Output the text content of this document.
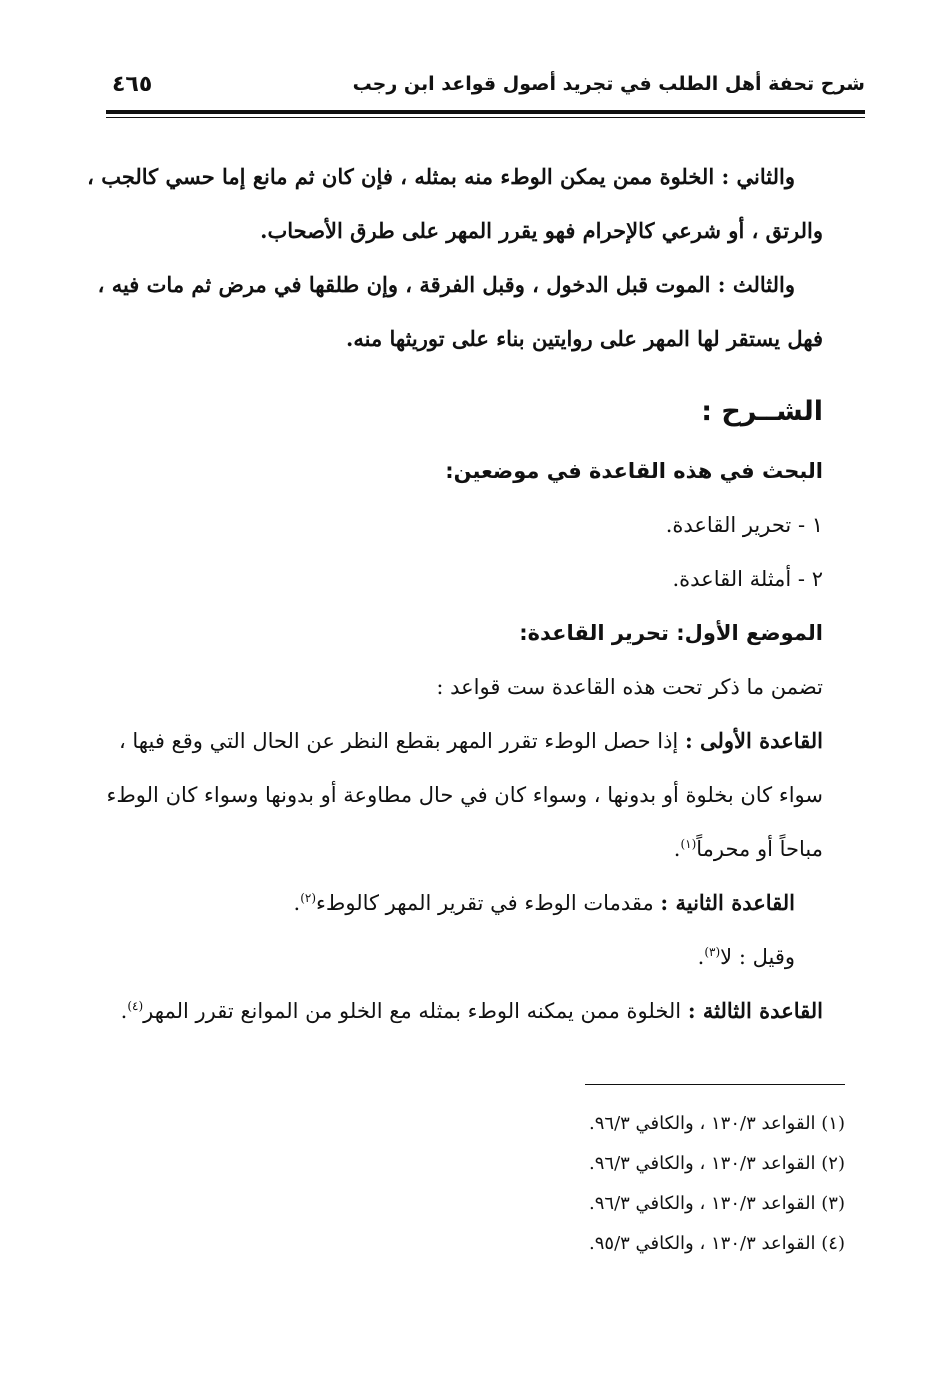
شرح تحفة أهل الطلب في تجريد أصول قواعد ابن رجب
٤٦٥
والثاني : الخلوة ممن يمكن الوطء منه بمثله ، فإن كان ثم مانع إما حسي كالجب ،
والرتق ، أو شرعي كالإحرام فهو يقرر المهر على طرق الأصحاب.
والثالث : الموت قبل الدخول ، وقبل الفرقة ، وإن طلقها في مرض ثم مات فيه ،
فهل يستقر لها المهر على روايتين بناء على توريثها منه.
الشــرح :
البحث في هذه القاعدة في موضعين:
١ - تحرير القاعدة.
٢ - أمثلة القاعدة.
الموضع الأول: تحرير القاعدة:
تضمن ما ذكر تحت هذه القاعدة ست قواعد :
القاعدة الأولى : إذا حصل الوطء تقرر المهر بقطع النظر عن الحال التي وقع فيها ،
سواء كان بخلوة أو بدونها ، وسواء كان في حال مطاوعة أو بدونها وسواء كان الوطء
مباحاً أو محرماً$^{(١)}$.
القاعدة الثانية : مقدمات الوطء في تقرير المهر كالوطء$^{(٢)}$.
وقيل : لا$^{(٣)}$.
القاعدة الثالثة : الخلوة ممن يمكنه الوطء بمثله مع الخلو من الموانع تقرر المهر$^{(٤)}$.
(١) القواعد ١٣٠/٣ ، والكافي ٩٦/٣.
(٢) القواعد ١٣٠/٣ ، والكافي ٩٦/٣.
(٣) القواعد ١٣٠/٣ ، والكافي ٩٦/٣.
(٤) القواعد ١٣٠/٣ ، والكافي ٩٥/٣.
